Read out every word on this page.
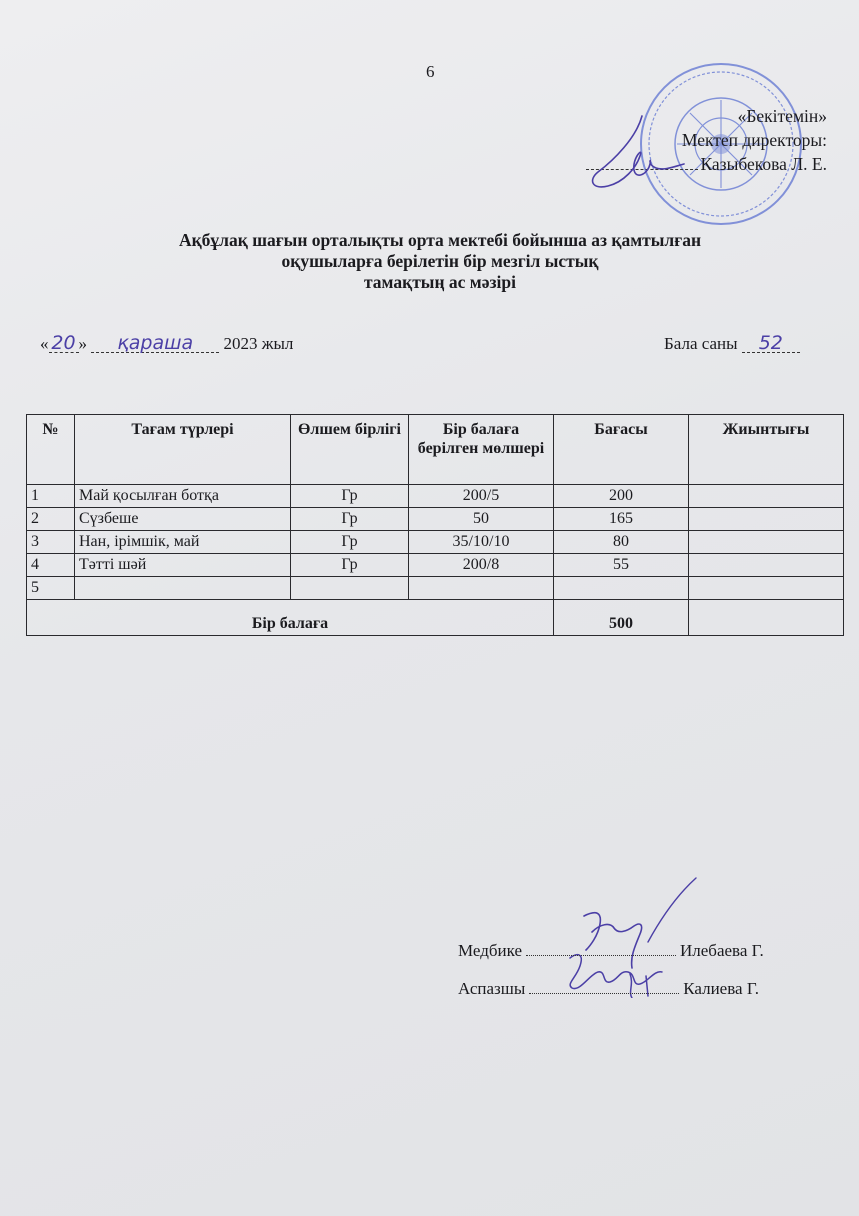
6
«Бекітемін»
Мектеп директоры:
Казыбекова Л. Е.
Ақбұлақ шағын орталықты орта мектебі бойынша аз қамтылған
оқушыларға берілетін бір мезгіл ыстық
тамақтың ас мәзірі
« 20 » қараша 2023 жыл	Бала саны 52
№	Тағам түрлері	Өлшем бірлігі	Бір балаға берілген мөлшері	Бағасы	Жиынтығы
1	Май қосылған ботқа	Гр	200/5	200	
2	Сүзбеше	Гр	50	165	
3	Нан, ірімшік, май	Гр	35/10/10	80	
4	Тәтті шәй	Гр	200/8	55	
5					
Бір балаға				500	
Медбике	Илебаева Г.
Аспазшы	Калиева Г.
